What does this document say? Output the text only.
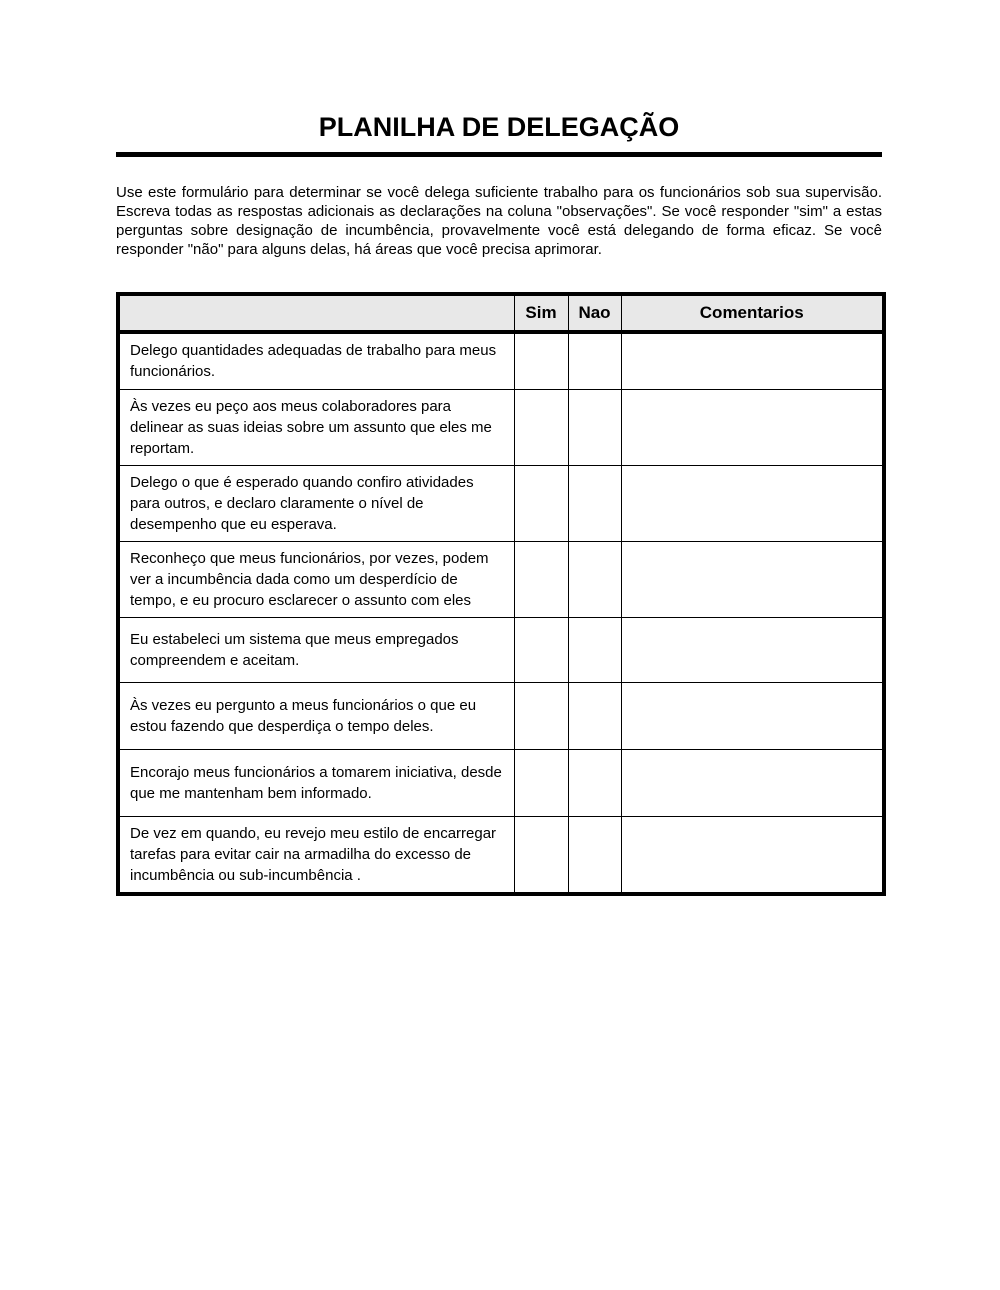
PLANILHA DE DELEGAÇÃO

Use este formulário para determinar se você delega suficiente trabalho para os funcionários sob sua supervisão. Escreva todas as respostas adicionais as declarações na coluna "observações". Se você responder "sim" a estas perguntas sobre designação de incumbência, provavelmente você está delegando de forma eficaz. Se você responder "não" para alguns delas, há áreas que você precisa aprimorar.

	Sim	Nao	Comentarios
Delego quantidades adequadas de trabalho para meus funcionários.			
Às vezes eu peço aos meus colaboradores para delinear as suas ideias sobre um assunto que eles me reportam.			
Delego o que é esperado quando confiro atividades para outros, e declaro claramente o nível de desempenho que eu esperava.			
Reconheço que meus funcionários, por vezes, podem ver a incumbência dada como um desperdício de tempo, e eu procuro esclarecer o assunto com eles			
Eu estabeleci um sistema que meus empregados compreendem e aceitam.			
Às vezes eu pergunto a meus funcionários o que eu estou fazendo que desperdiça o tempo deles.			
Encorajo meus funcionários a tomarem iniciativa, desde que me mantenham bem informado.			
De vez em quando, eu revejo meu estilo de encarregar tarefas para evitar cair na armadilha do excesso de incumbência ou sub-incumbência .			
